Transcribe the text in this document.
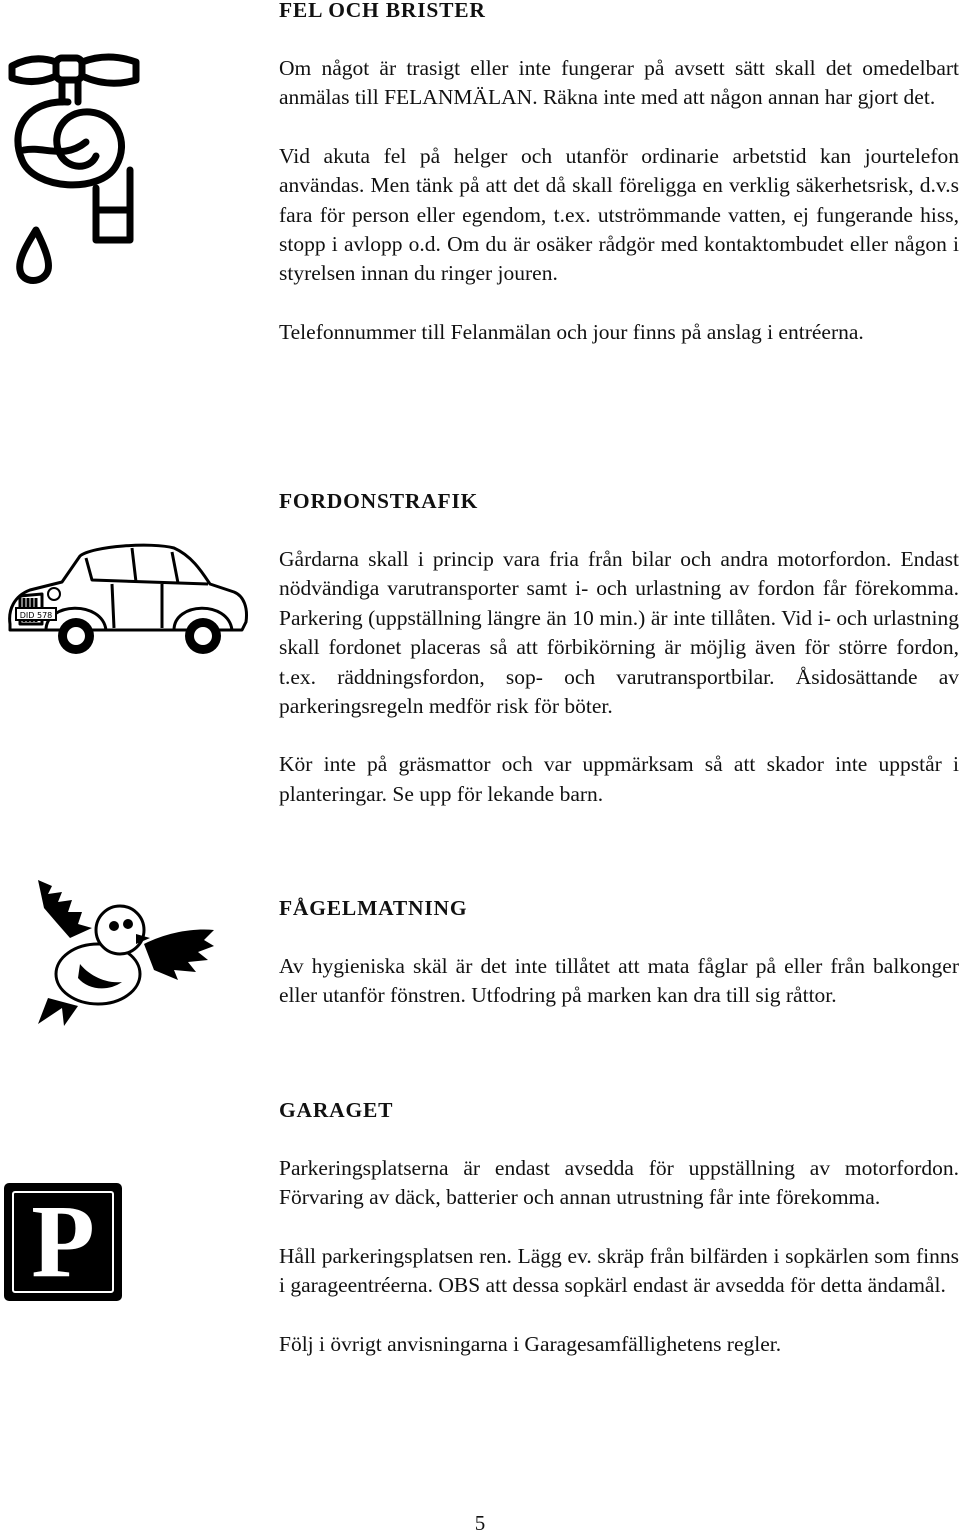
FEL OCH BRISTER

Om något är trasigt eller inte fungerar på avsett sätt skall det omedelbart anmälas till FELANMÄLAN. Räkna inte med att någon annan har gjort det.

Vid akuta fel på helger och utanför ordinarie arbetstid kan jourtelefon användas. Men tänk på att det då skall föreligga en verklig säkerhetsrisk, d.v.s fara för person eller egendom, t.ex. utströmmande vatten, ej fungerande hiss, stopp i avlopp o.d. Om du är osäker rådgör med kontaktombudet eller någon i styrelsen innan du ringer jouren.

Telefonnummer till Felanmälan och jour finns på anslag i entréerna.

DID 578
FORDONSTRAFIK

Gårdarna skall i princip vara fria från bilar och andra motorfordon. Endast nödvändiga varutransporter samt i- och urlastning av fordon får förekomma. Parkering (uppställning längre än 10 min.) är inte tillåten. Vid i- och urlastning skall fordonet placeras så att förbikörning är möjlig även för större fordon, t.ex. räddningsfordon, sop- och varutransportbilar. Åsidosättande av parkeringsregeln medför risk för böter.

Kör inte på gräsmattor och var uppmärksam så att skador inte uppstår i planteringar. Se upp för lekande barn.

FÅGELMATNING

Av hygieniska skäl är det inte tillåtet att mata fåglar på eller från balkonger eller utanför fönstren. Utfodring på marken kan dra till sig råttor.

P
GARAGET

Parkeringsplatserna är endast avsedda för uppställning av motorfordon. Förvaring av däck, batterier och annan utrustning får inte förekomma.

Håll parkeringsplatsen ren. Lägg ev. skräp från bilfärden i sopkärlen som finns i garageentréerna. OBS att dessa sopkärl endast är avsedda för detta ändamål.

Följ i övrigt anvisningarna i Garagesamfällighetens regler.

5
